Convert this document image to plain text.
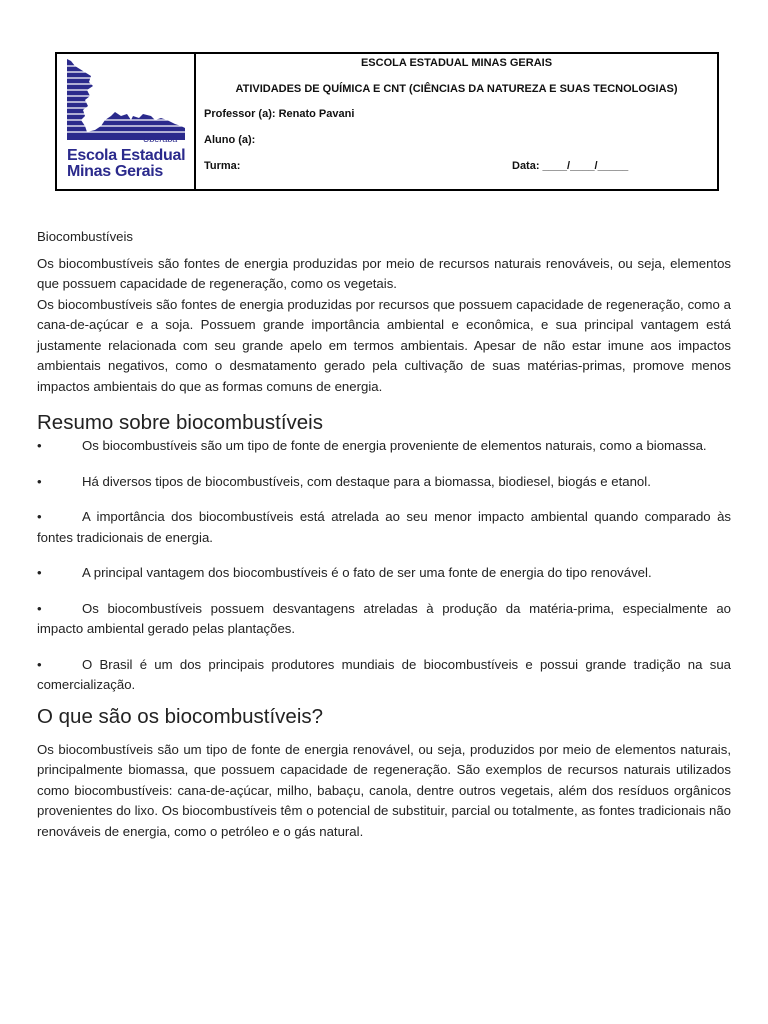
Uberaba
Escola Estadual
Minas Gerais
ESCOLA ESTADUAL MINAS GERAIS
ATIVIDADES DE QUÍMICA E CNT (CIÊNCIAS DA NATUREZA E SUAS TECNOLOGIAS)
Professor (a): Renato Pavani
Aluno (a):
Turma:	Data: ____/____/_____

Biocombustíveis

Os biocombustíveis são fontes de energia produzidas por meio de recursos naturais renováveis, ou seja, elementos que possuem capacidade de regeneração, como os vegetais.

Os biocombustíveis são fontes de energia produzidas por recursos que possuem capacidade de regeneração, como a cana-de-açúcar e a soja. Possuem grande importância ambiental e econômica, e sua principal vantagem está justamente relacionada com seu grande apelo em termos ambientais. Apesar de não estar imune aos impactos ambientais negativos, como o desmatamento gerado pela cultivação de suas matérias-primas, promove menos impactos ambientais do que as formas comuns de energia.

Resumo sobre biocombustíveis

•	Os biocombustíveis são um tipo de fonte de energia proveniente de elementos naturais, como a biomassa.

•	Há diversos tipos de biocombustíveis, com destaque para a biomassa, biodiesel, biogás e etanol.

•	A importância dos biocombustíveis está atrelada ao seu menor impacto ambiental quando comparado às fontes tradicionais de energia.

•	A principal vantagem dos biocombustíveis é o fato de ser uma fonte de energia do tipo renovável.

•	Os biocombustíveis possuem desvantagens atreladas à produção da matéria-prima, especialmente ao impacto ambiental gerado pelas plantações.

•	O Brasil é um dos principais produtores mundiais de biocombustíveis e possui grande tradição na sua comercialização.

O que são os biocombustíveis?

Os biocombustíveis são um tipo de fonte de energia renovável, ou seja, produzidos por meio de elementos naturais, principalmente biomassa, que possuem capacidade de regeneração. São exemplos de recursos naturais utilizados como biocombustíveis: cana-de-açúcar, milho, babaçu, canola, dentre outros vegetais, além dos resíduos orgânicos provenientes do lixo. Os biocombustíveis têm o potencial de substituir, parcial ou totalmente, as fontes tradicionais não renováveis de energia, como o petróleo e o gás natural.
